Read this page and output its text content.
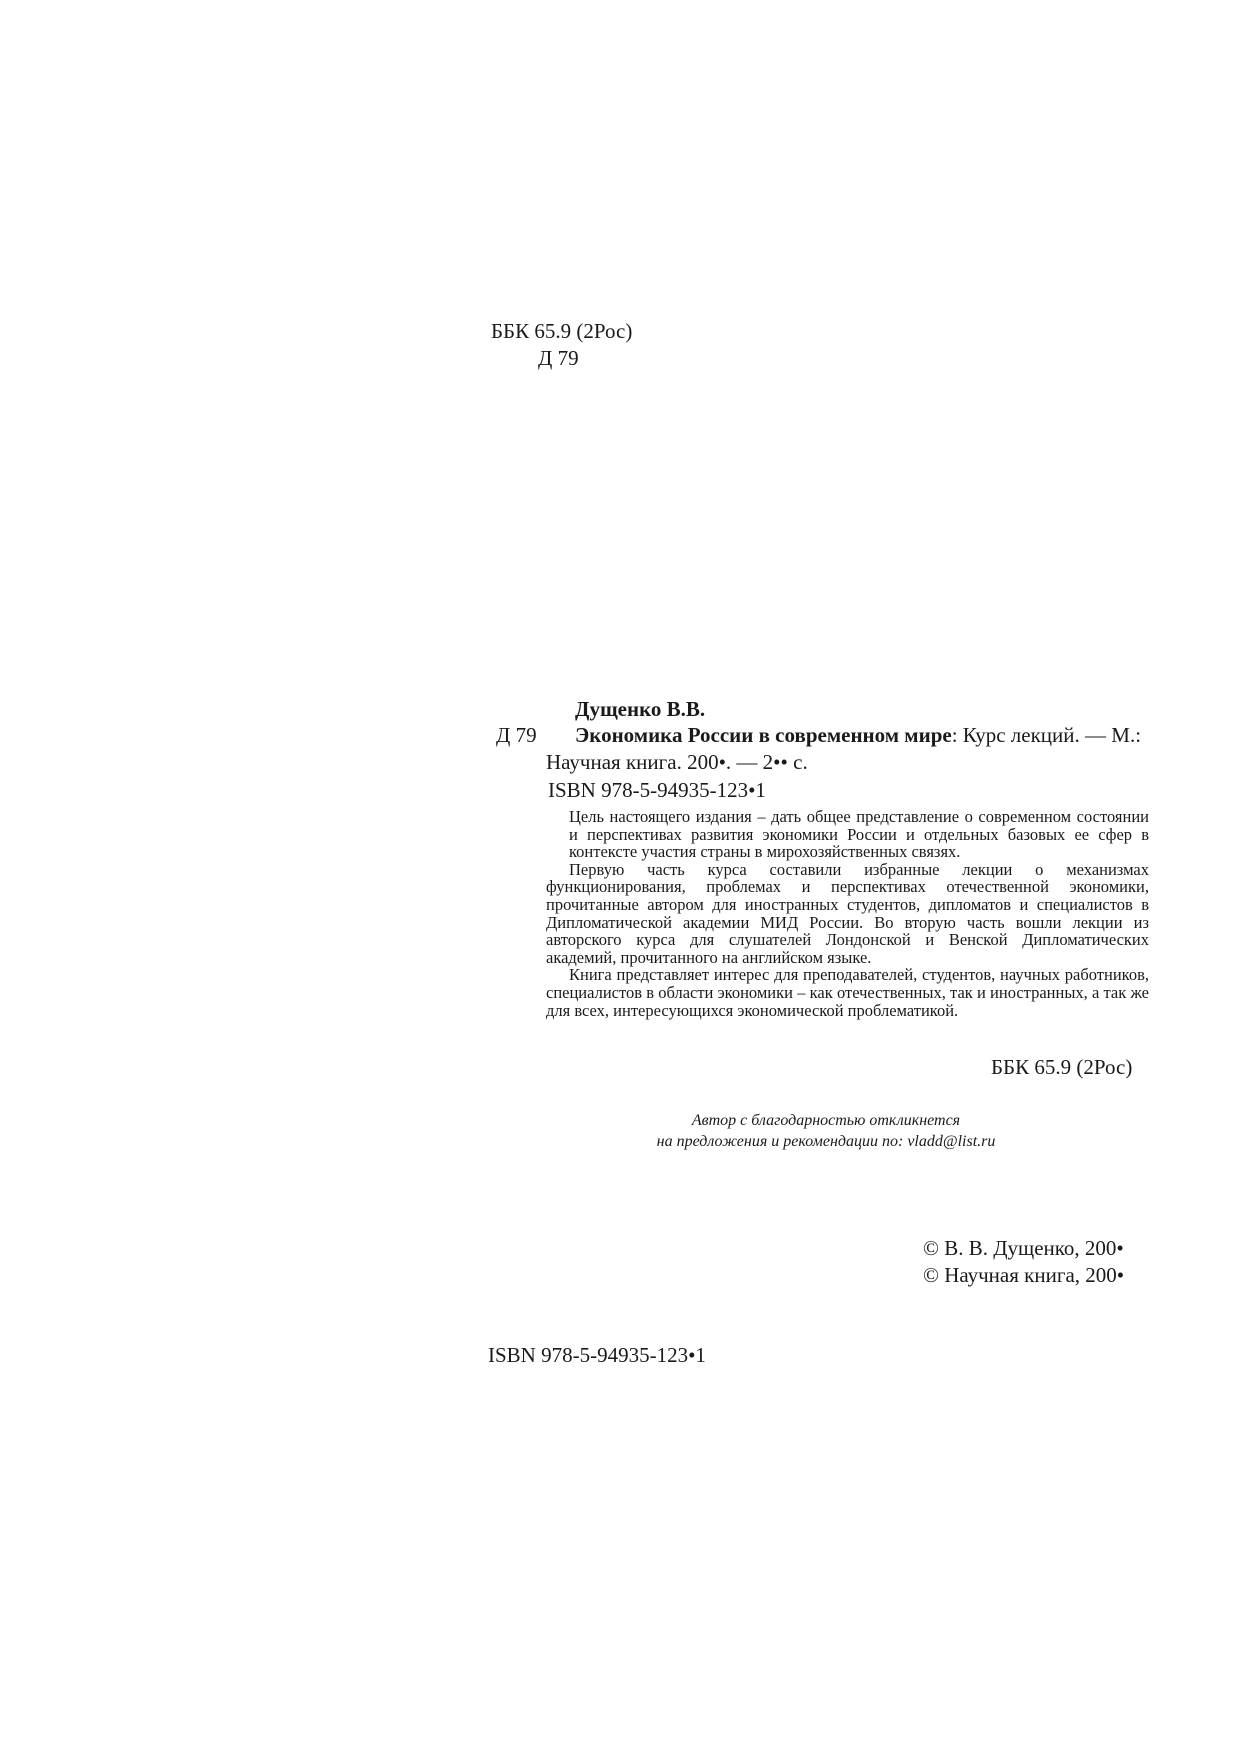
ББК 65.9 (2Рос)
Д 79
Дущенко В.В.
Д 79 Экономика России в современном мире: Курс лекций. — М.:
Научная книга. 200•. — 2•• с.
ISBN 978-5-94935-123•1

Цель настоящего издания – дать общее представление о современном состоянии и перспективах развития экономики России и отдельных базовых ее сфер в контексте участия страны в мирохозяйственных связях.

Первую часть курса составили избранные лекции о механизмах функционирования, проблемах и перспективах отечественной экономики, прочитанные автором для иностранных студентов, дипломатов и специалистов в Дипломатической академии МИД России. Во вторую часть вошли лекции из авторского курса для слушателей Лондонской и Венской Дипломатических академий, прочитанного на английском языке.

Книга представляет интерес для преподавателей, студентов, научных работников, специалистов в области экономики – как отечественных, так и иностранных, а так же для всех, интересующихся экономической проблематикой.

ББК 65.9 (2Рос)
Автор с благодарностью откликнется
на предложения и рекомендации по: vladd@list.ru
© В. В. Дущенко, 200•
© Научная книга, 200•
ISBN 978-5-94935-123•1
